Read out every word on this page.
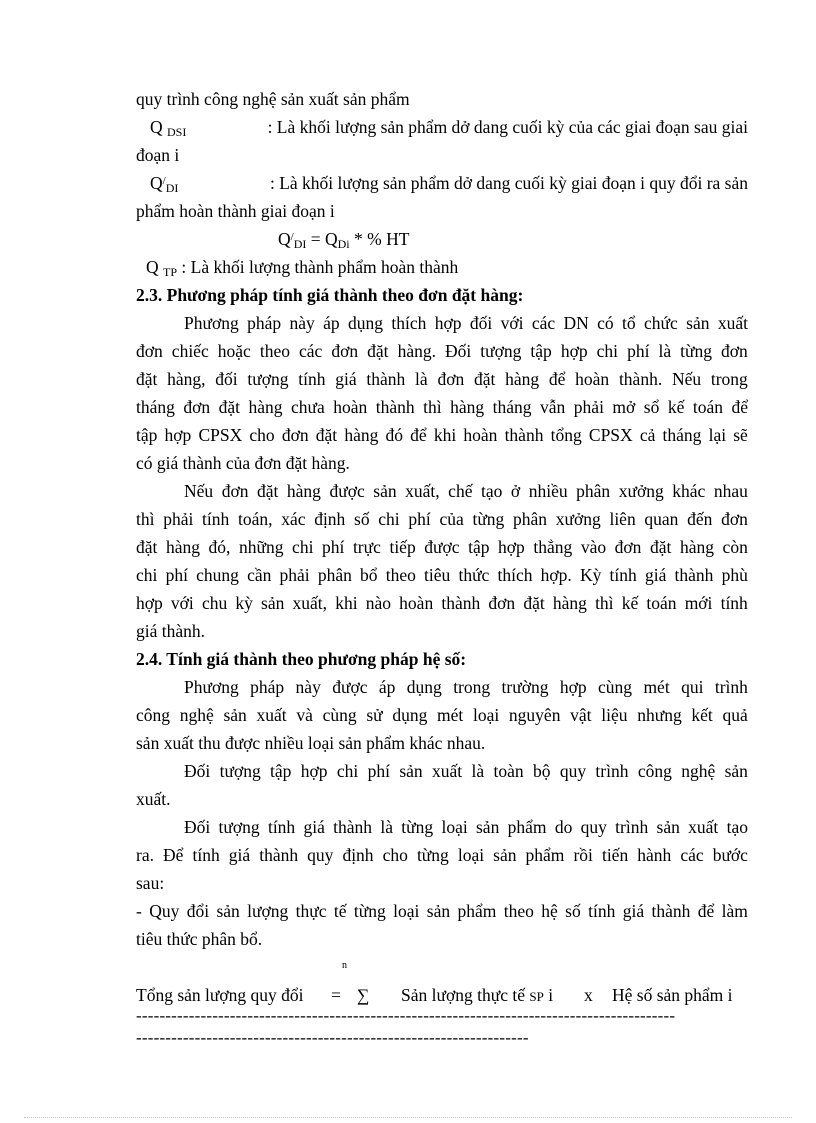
quy trình công nghệ sản xuất sản phẩm
Q DSI	: Là khối lượng sản phẩm dở dang cuối kỳ của các giai đoạn sau giai
đoạn i
Q/DI	: Là khối lượng sản phẩm dở dang cuối kỳ giai đoạn i quy đổi ra sản
phẩm hoàn thành giai đoạn i
Q/DI = QDi * % HT
Q TP : Là khối lượng thành phẩm hoàn thành
2.3. Phương pháp tính giá thành theo đơn đặt hàng:
Phương pháp này áp dụng thích hợp đối với các DN có tổ chức sản xuất
đơn chiếc hoặc theo các đơn đặt hàng. Đối tượng tập hợp chi phí là từng đơn
đặt hàng, đối tượng tính giá thành là đơn đặt hàng để hoàn thành. Nếu trong
tháng đơn đặt hàng chưa hoàn thành thì hàng tháng vẫn phải mở sổ kế toán để
tập hợp CPSX cho đơn đặt hàng đó để khi hoàn thành tổng CPSX cả tháng lại sẽ
có giá thành của đơn đặt hàng.
Nếu đơn đặt hàng được sản xuất, chế tạo ở nhiều phân xưởng khác nhau
thì phải tính toán, xác định số chi phí của từng phân xưởng liên quan đến đơn
đặt hàng đó, những chi phí trực tiếp được tập hợp thẳng vào đơn đặt hàng còn
chi phí chung cần phải phân bổ theo tiêu thức thích hợp. Kỳ tính giá thành phù
hợp với chu kỳ sản xuất, khi nào hoàn thành đơn đặt hàng thì kế toán mới tính
giá thành.
2.4. Tính giá thành theo phương pháp hệ số:
Phương pháp này được áp dụng trong trường hợp cùng mét qui trình
công nghệ sản xuất và cùng sử dụng mét loại nguyên vật liệu nhưng kết quả
sản xuất thu được nhiều loại sản phẩm khác nhau.
Đối tượng tập hợp chi phí sản xuất là toàn bộ quy trình công nghệ sản
xuất.
Đối tượng tính giá thành là từng loại sản phẩm do quy trình sản xuất tạo
ra. Để tính giá thành quy định cho từng loại sản phẩm rồi tiến hành các bước
sau:
- Quy đổi sản lượng thực tế từng loại sản phẩm theo hệ số tính giá thành để làm
tiêu thức phân bổ.
n
Tổng sản lượng quy đổi = ∑ Sản lượng thực tế SP i x Hệ số sản phẩm i
--------------------------------------------------------------------------------------------
-------------------------------------------------------------------
